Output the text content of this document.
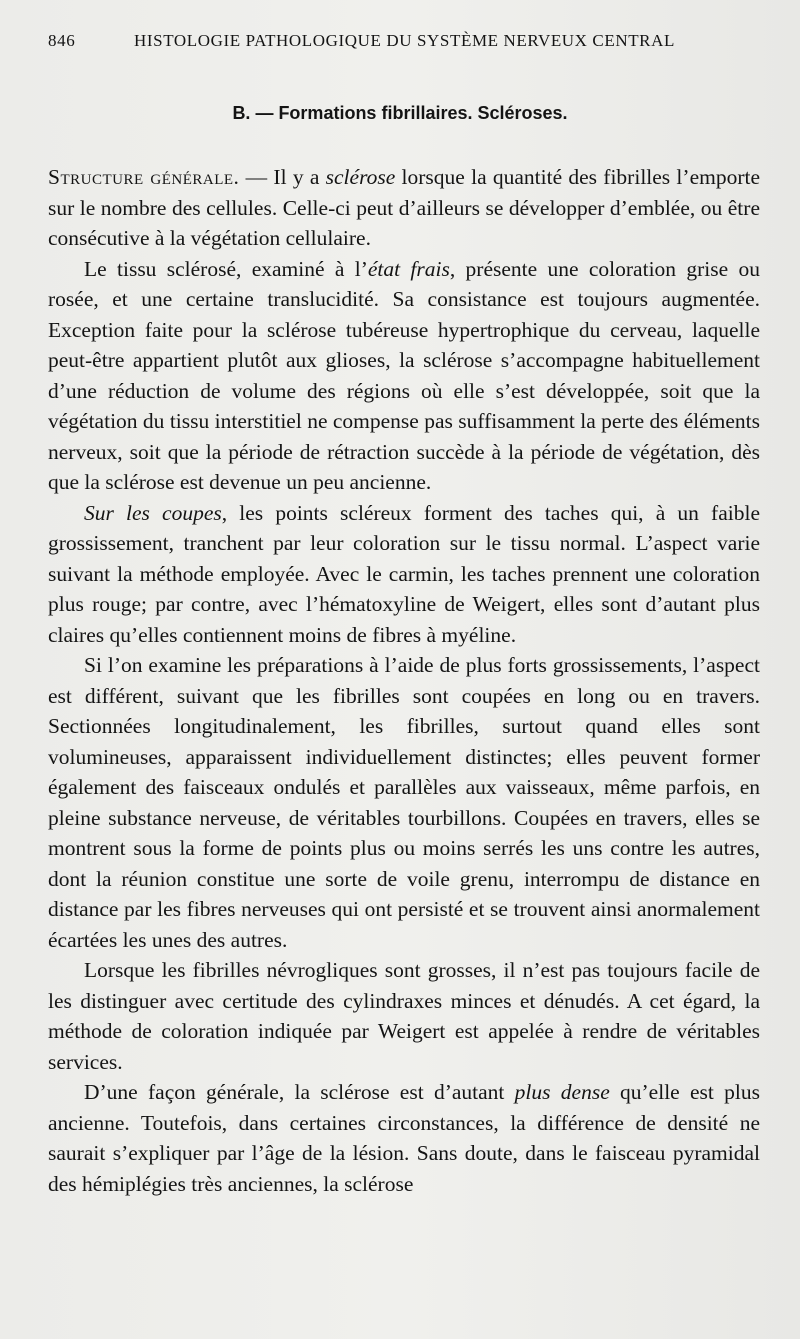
846	HISTOLOGIE PATHOLOGIQUE DU SYSTÈME NERVEUX CENTRAL
B. — Formations fibrillaires. Scléroses.

Structure générale. — Il y a sclérose lorsque la quantité des fibrilles l’emporte sur le nombre des cellules. Celle-ci peut d’ailleurs se développer d’emblée, ou être consécutive à la végétation cellulaire.

Le tissu sclérosé, examiné à l’état frais, présente une coloration grise ou rosée, et une certaine translucidité. Sa consistance est toujours augmentée. Exception faite pour la sclérose tubéreuse hypertrophique du cerveau, laquelle peut-être appartient plutôt aux glioses, la sclérose s’accompagne habituellement d’une réduction de volume des régions où elle s’est développée, soit que la végétation du tissu interstitiel ne compense pas suffisamment la perte des éléments nerveux, soit que la période de rétraction succède à la période de végétation, dès que la sclérose est devenue un peu ancienne.

Sur les coupes, les points scléreux forment des taches qui, à un faible grossissement, tranchent par leur coloration sur le tissu normal. L’aspect varie suivant la méthode employée. Avec le carmin, les taches prennent une coloration plus rouge; par contre, avec l’hématoxyline de Weigert, elles sont d’autant plus claires qu’elles contiennent moins de fibres à myéline.

Si l’on examine les préparations à l’aide de plus forts grossissements, l’aspect est différent, suivant que les fibrilles sont coupées en long ou en travers. Sectionnées longitudinalement, les fibrilles, surtout quand elles sont volumineuses, apparaissent individuellement distinctes; elles peuvent former également des faisceaux ondulés et parallèles aux vaisseaux, même parfois, en pleine substance nerveuse, de véritables tourbillons. Coupées en travers, elles se montrent sous la forme de points plus ou moins serrés les uns contre les autres, dont la réunion constitue une sorte de voile grenu, interrompu de distance en distance par les fibres nerveuses qui ont persisté et se trouvent ainsi anormalement écartées les unes des autres.

Lorsque les fibrilles névrogliques sont grosses, il n’est pas toujours facile de les distinguer avec certitude des cylindraxes minces et dénudés. A cet égard, la méthode de coloration indiquée par Weigert est appelée à rendre de véritables services.

D’une façon générale, la sclérose est d’autant plus dense qu’elle est plus ancienne. Toutefois, dans certaines circonstances, la différence de densité ne saurait s’expliquer par l’âge de la lésion. Sans doute, dans le faisceau pyramidal des hémiplégies très anciennes, la sclérose
